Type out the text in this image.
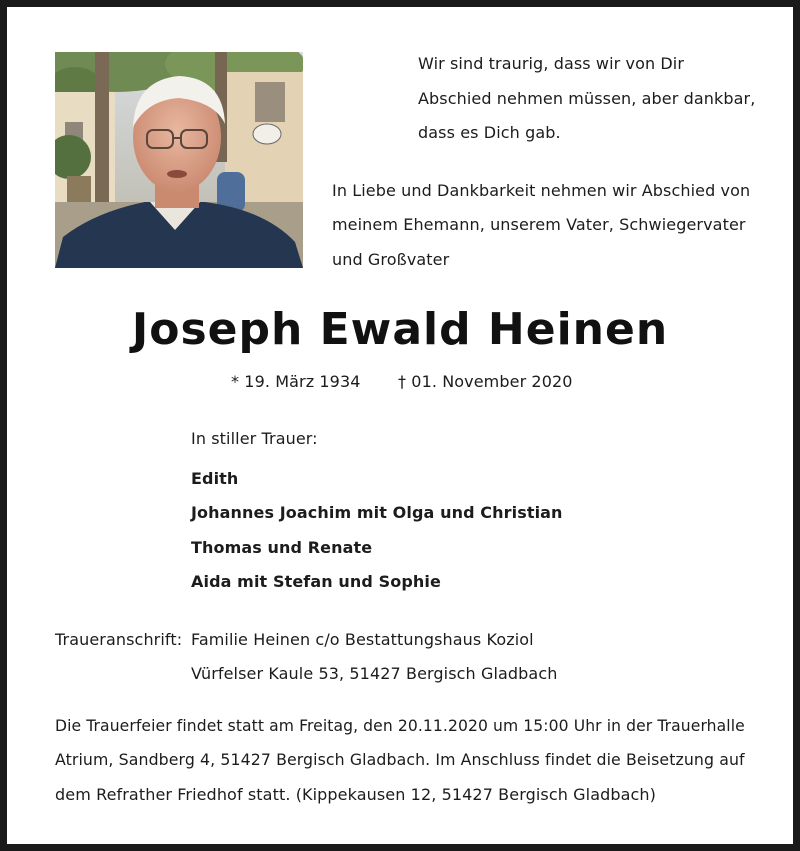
Wir sind traurig, dass wir von Dir
Abschied nehmen müssen, aber dankbar,
dass es Dich gab.
In Liebe und Dankbarkeit nehmen wir Abschied von
meinem Ehemann, unserem Vater, Schwiegervater
und Großvater
Joseph Ewald Heinen
* 19. März 1934 † 01. November 2020
In stiller Trauer:
Edith
Johannes Joachim mit Olga und Christian
Thomas und Renate
Aida mit Stefan und Sophie
Traueranschrift: Familie Heinen c/o Bestattungshaus Koziol
Vürfelser Kaule 53, 51427 Bergisch Gladbach
Die Trauerfeier findet statt am Freitag, den 20.11.2020 um 15:00 Uhr in der Trauerhalle
Atrium, Sandberg 4, 51427 Bergisch Gladbach. Im Anschluss findet die Beisetzung auf
dem Refrather Friedhof statt. (Kippekausen 12, 51427 Bergisch Gladbach)
